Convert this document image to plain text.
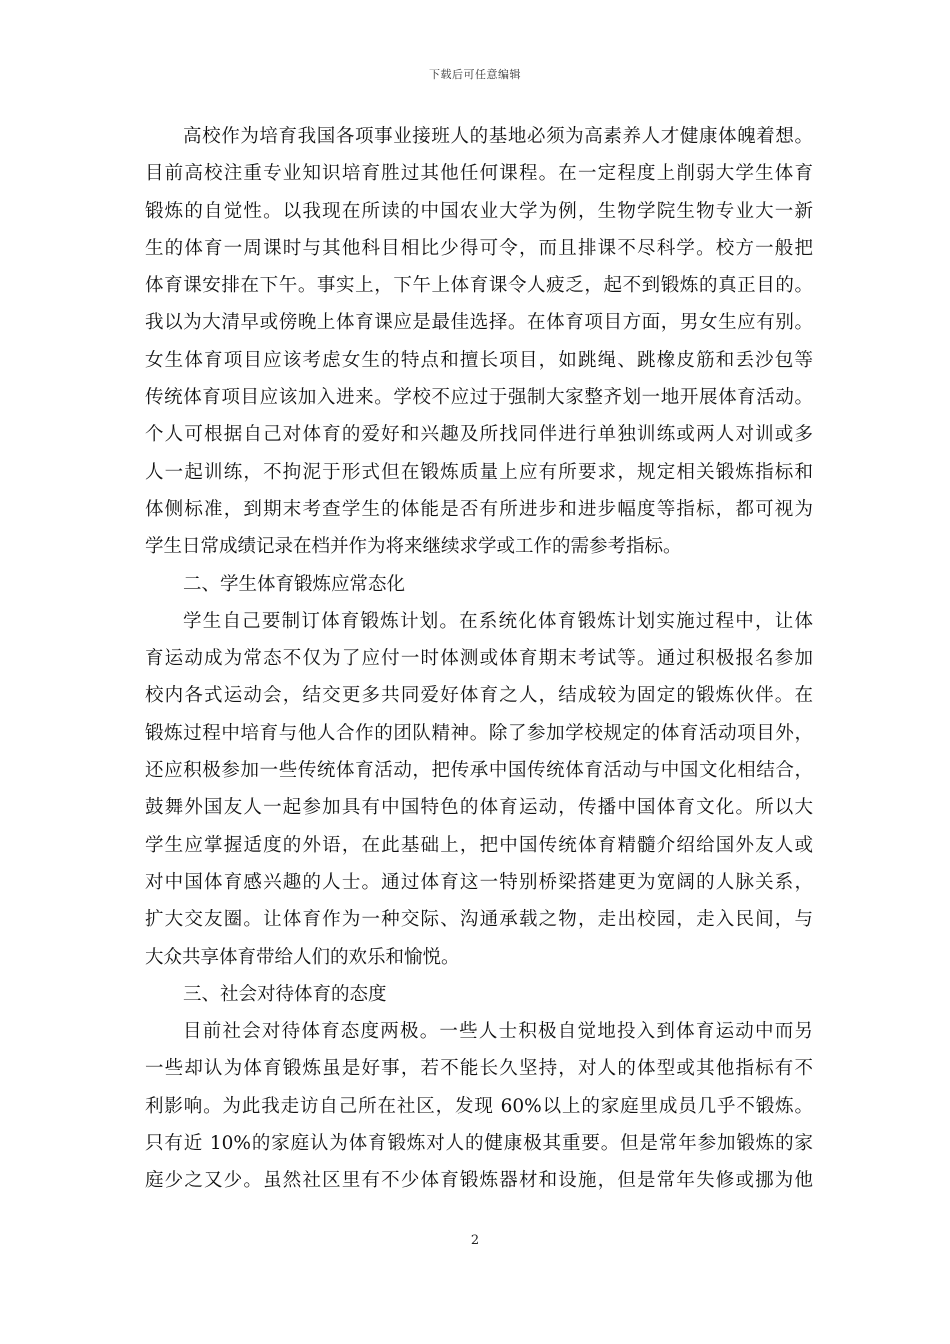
下载后可任意编辑
高校作为培育我国各项事业接班人的基地必须为高素养人才健康体魄着想。
目前高校注重专业知识培育胜过其他任何课程。在一定程度上削弱大学生体育
锻炼的自觉性。以我现在所读的中国农业大学为例，生物学院生物专业大一新
生的体育一周课时与其他科目相比少得可令，而且排课不尽科学。校方一般把
体育课安排在下午。事实上，下午上体育课令人疲乏，起不到锻炼的真正目的。
我以为大清早或傍晚上体育课应是最佳选择。在体育项目方面，男女生应有别。
女生体育项目应该考虑女生的特点和擅长项目，如跳绳、跳橡皮筋和丢沙包等
传统体育项目应该加入进来。学校不应过于强制大家整齐划一地开展体育活动。
个人可根据自己对体育的爱好和兴趣及所找同伴进行单独训练或两人对训或多
人一起训练，不拘泥于形式但在锻炼质量上应有所要求，规定相关锻炼指标和
体侧标准，到期末考查学生的体能是否有所进步和进步幅度等指标，都可视为
学生日常成绩记录在档并作为将来继续求学或工作的需参考指标。
二、学生体育锻炼应常态化
学生自己要制订体育锻炼计划。在系统化体育锻炼计划实施过程中，让体
育运动成为常态不仅为了应付一时体测或体育期末考试等。通过积极报名参加
校内各式运动会，结交更多共同爱好体育之人，结成较为固定的锻炼伙伴。在
锻炼过程中培育与他人合作的团队精神。除了参加学校规定的体育活动项目外，
还应积极参加一些传统体育活动，把传承中国传统体育活动与中国文化相结合，
鼓舞外国友人一起参加具有中国特色的体育运动，传播中国体育文化。所以大
学生应掌握适度的外语，在此基础上，把中国传统体育精髓介绍给国外友人或
对中国体育感兴趣的人士。通过体育这一特别桥梁搭建更为宽阔的人脉关系，
扩大交友圈。让体育作为一种交际、沟通承载之物，走出校园，走入民间，与
大众共享体育带给人们的欢乐和愉悦。
三、社会对待体育的态度
目前社会对待体育态度两极。一些人士积极自觉地投入到体育运动中而另
一些却认为体育锻炼虽是好事，若不能长久坚持，对人的体型或其他指标有不
利影响。为此我走访自己所在社区，发现 60%以上的家庭里成员几乎不锻炼。
只有近 10%的家庭认为体育锻炼对人的健康极其重要。但是常年参加锻炼的家
庭少之又少。虽然社区里有不少体育锻炼器材和设施，但是常年失修或挪为他
2
